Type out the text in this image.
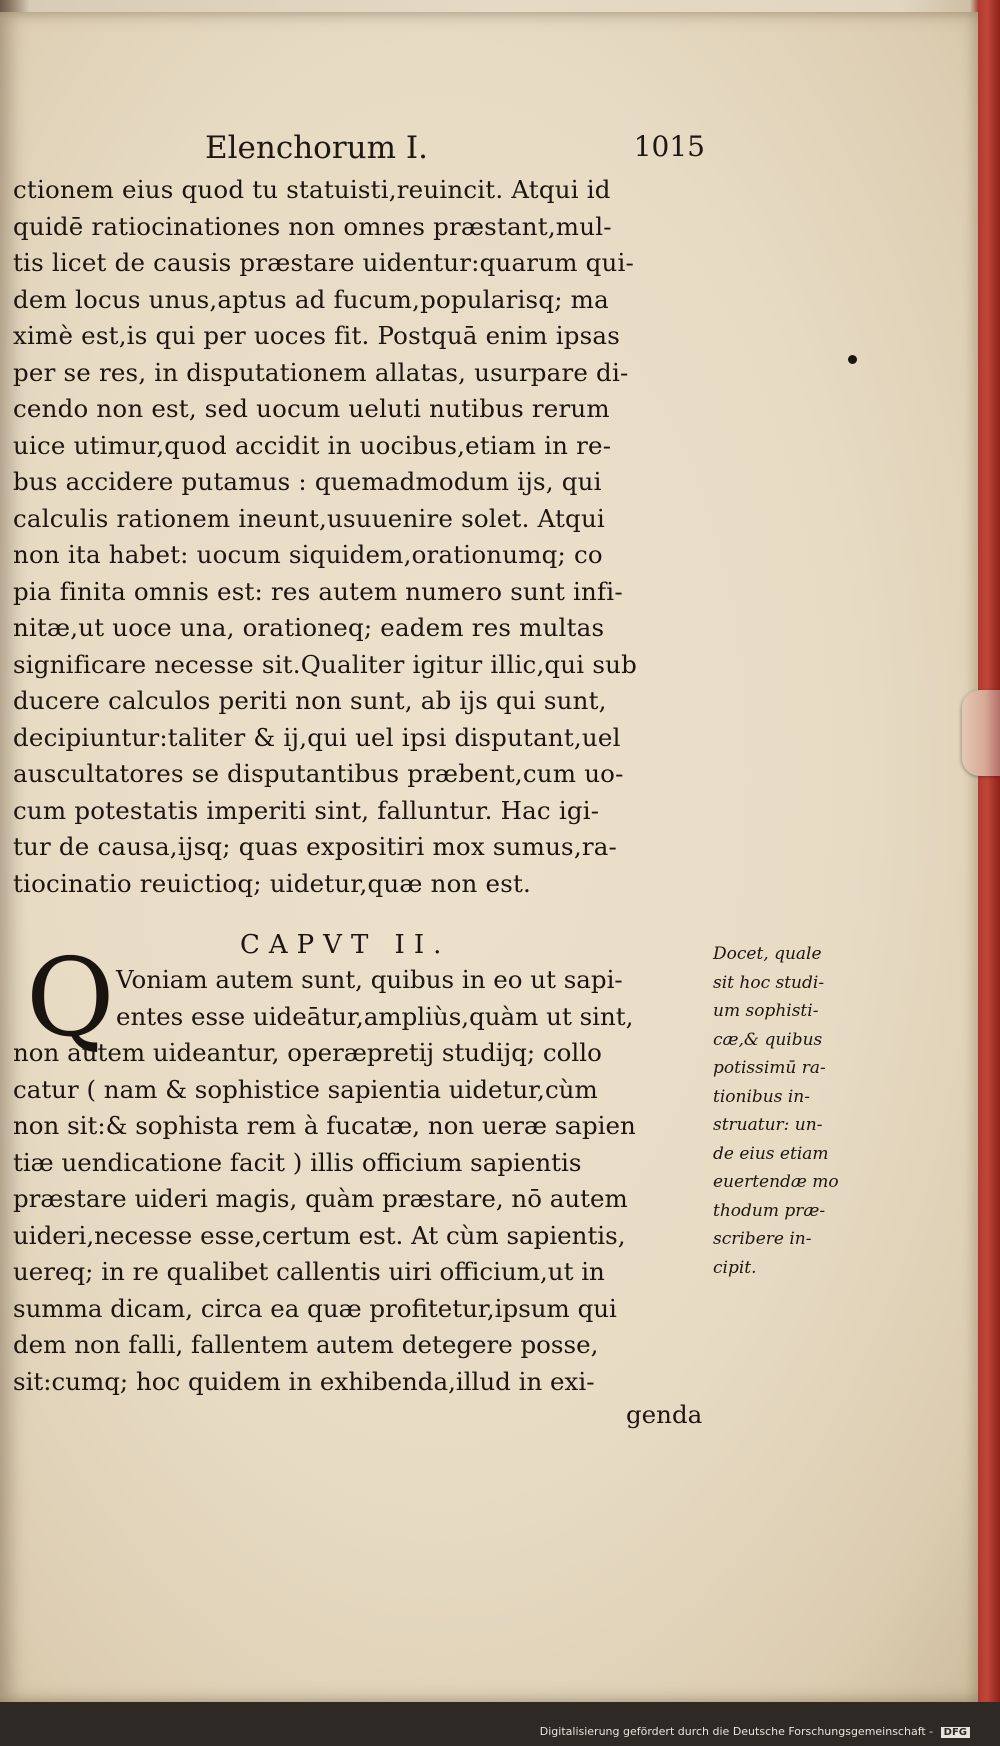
Elenchorum I.	1015
ctionem eius quod tu statuisti,reuincit. Atqui id
quidē ratiocinationes non omnes præstant,mul-
tis licet de causis præstare uidentur:quarum qui-
dem locus unus,aptus ad fucum,popularisq; ma
ximè est,is qui per uoces fit. Postquā enim ipsas
per se res, in disputationem allatas, usurpare di-
cendo non est, sed uocum ueluti nutibus rerum
uice utimur,quod accidit in uocibus,etiam in re-
bus accidere putamus : quemadmodum ijs, qui
calculis rationem ineunt,usuuenire solet. Atqui
non ita habet: uocum siquidem,orationumq; co
pia finita omnis est: res autem numero sunt infi-
nitæ,ut uoce una, orationeq; eadem res multas
significare necesse sit.Qualiter igitur illic,qui sub
ducere calculos periti non sunt, ab ijs qui sunt,
decipiuntur:taliter & ij,qui uel ipsi disputant,uel
auscultatores se disputantibus præbent,cum uo-
cum potestatis imperiti sint, falluntur. Hac igi-
tur de causa,ijsq; quas expositiri mox sumus,ra-
tiocinatio reuictioq; uidetur,quæ non est.
CAPVT II.
Q Voniam autem sunt, quibus in eo ut sapi-
entes esse uideātur,ampliùs,quàm ut sint,
non autem uideantur, operæpretij studijq; collo
catur ( nam & sophistice sapientia uidetur,cùm
non sit:& sophista rem à fucatæ, non ueræ sapien
tiæ uendicatione facit ) illis officium sapientis
præstare uideri magis, quàm præstare, nō autem
uideri,necesse esse,certum est. At cùm sapientis,
uereq; in re qualibet callentis uiri officium,ut in
summa dicam, circa ea quæ profitetur,ipsum qui
dem non falli, fallentem autem detegere posse,
sit:cumq; hoc quidem in exhibenda,illud in exi-
genda
Docet, quale
sit hoc studi-
um sophisti-
cæ,& quibus
potissimū ra-
tionibus in-
struatur: un-
de eius etiam
euertendæ mo
thodum præ-
scribere in-
cipit.
Digitalisierung gefördert durch die Deutsche Forschungsgemeinschaft - DFG
